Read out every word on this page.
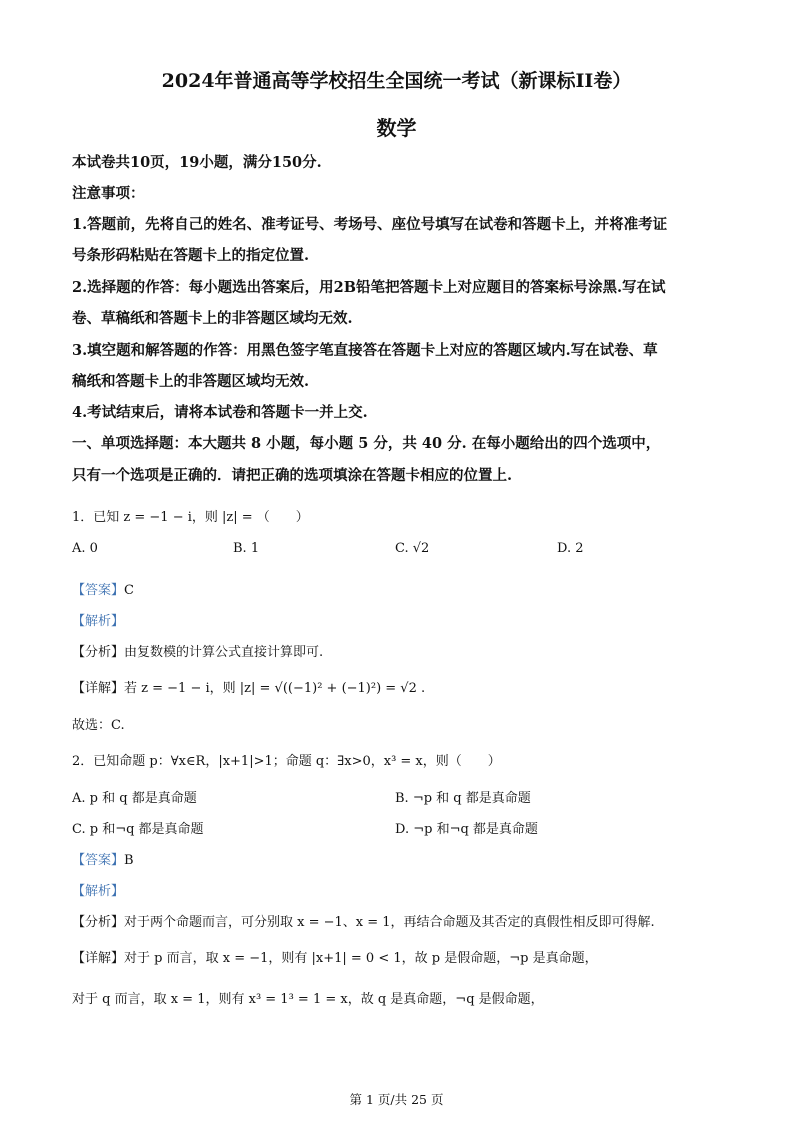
2024年普通高等学校招生全国统一考试（新课标II卷）
数学
本试卷共10页，19小题，满分150分.
注意事项：
1.答题前，先将自己的姓名、准考证号、考场号、座位号填写在试卷和答题卡上，并将准考证
号条形码粘贴在答题卡上的指定位置.
2.选择题的作答：每小题选出答案后，用2B铅笔把答题卡上对应题目的答案标号涂黑.写在试
卷、草稿纸和答题卡上的非答题区域均无效.
3.填空题和解答题的作答：用黑色签字笔直接答在答题卡上对应的答题区域内.写在试卷、草
稿纸和答题卡上的非答题区域均无效.
4.考试结束后，请将本试卷和答题卡一并上交.
一、单项选择题：本大题共 8 小题，每小题 5 分，共 40 分. 在每小题给出的四个选项中，
只有一个选项是正确的．请把正确的选项填涂在答题卡相应的位置上.
1．已知 z = −1 − i，则 |z| = （　　）
A. 0	B. 1	C. √2	D. 2
【答案】C
【解析】
【分析】由复数模的计算公式直接计算即可.
【详解】若 z = −1 − i，则 |z| = √((−1)² + (−1)²) = √2 .
故选：C.
2．已知命题 p：∀x∈R，|x+1|>1；命题 q：∃x>0，x³ = x，则（　　）
A. p 和 q 都是真命题	B. ¬p 和 q 都是真命题
C. p 和¬q 都是真命题	D. ¬p 和¬q 都是真命题
【答案】B
【解析】
【分析】对于两个命题而言，可分别取 x = −1、x = 1，再结合命题及其否定的真假性相反即可得解.
【详解】对于 p 而言，取 x = −1，则有 |x+1| = 0 < 1，故 p 是假命题，¬p 是真命题，
对于 q 而言，取 x = 1，则有 x³ = 1³ = 1 = x，故 q 是真命题，¬q 是假命题，
第 1 页/共 25 页
